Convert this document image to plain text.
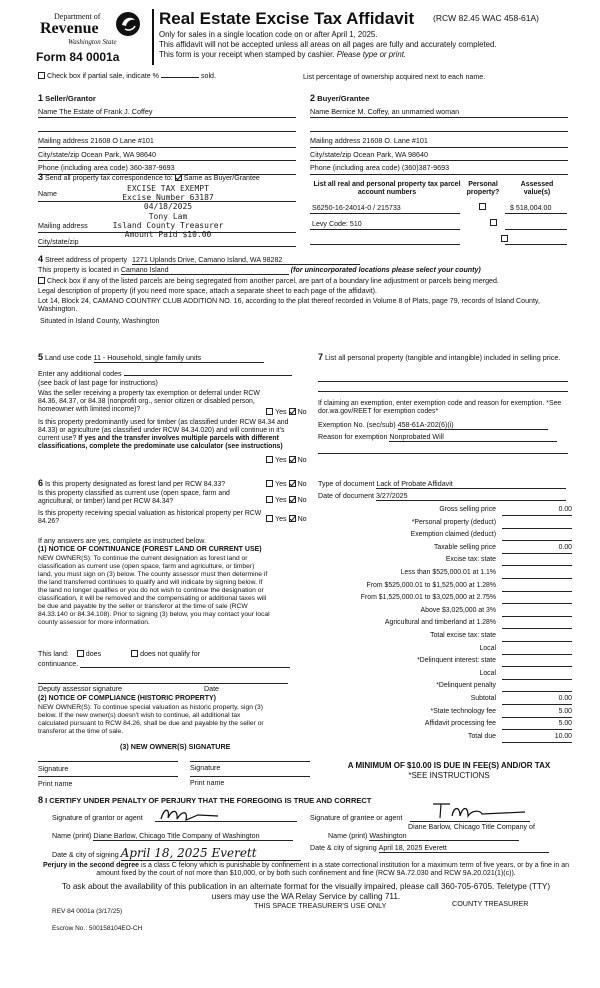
Department of
Revenue
Washington State
Form 84 0001a
Real Estate Excise Tax Affidavit (RCW 82.45 WAC 458-61A)
Only for sales in a single location code on or after April 1, 2025.
This affidavit will not be accepted unless all areas on all pages are fully and accurately completed.
This form is your receipt when stamped by cashier. Please type or print.
Check box if partial sale, indicate %	sold.	List percentage of ownership acquired next to each name.
1 Seller/Grantor
Name The Estate of Frank J. Coffey
Mailing address 21608 O Lane #101
City/state/zip Ocean Park, WA 98640
Phone (including area code) 360-387-9693
2 Buyer/Grantee
Name Bernice M. Coffey, an unmarried woman
Mailing address 21608 O. Lane #101
City/state/zip Ocean Park, WA 98640
Phone (including area code) (360)387-9693
3 Send all property tax correspondence to: Same as Buyer/Grantee
Name
Mailing address
City/state/zip
EXCISE TAX EXEMPT
Excise Number 63187
04/18/2025
Tony Lam
Island County Treasurer
Amount Paid $10.00
List all real and personal property tax parcel account numbers
Personal property?
Assessed value(s)
S6250-16-24014-0 / 215733
	$ 518,004.00
Levy Code: 510

4 Street address of property 1271 Uplands Drive, Camano Island, WA 98282
This property is located in Camano Island	(for unincorporated locations please select your county)
Check box if any of the listed parcels are being segregated from another parcel, are part of a boundary line adjustment or parcels being merged.
Legal description of property (if you need more space, attach a separate sheet to each page of the affidavit).
Lot 14, Block 24, CAMANO COUNTRY CLUB ADDITION NO. 16, according to the plat thereof recorded in Volume 8 of Plats, page 79, records of Island County, Washington.
Situated in Island County, Washington
5 Land use code 11 - Household, single family units
Enter any additional codes
(see back of last page for instructions)
Was the seller receiving a property tax exemption or deferral under RCW 84.36, 84.37, or 84.38 (nonprofit org., senior citizen or disabled person, homeowner with limited income)?	Yes No
Is this property predominantly used for timber (as classified under RCW 84.34 and 84.33) or agriculture (as classified under RCW 84.34.020) and will continue in it's current use? If yes and the transfer involves multiple parcels with different classifications, complete the predominate use calculator (see instructions)
Yes No
7 List all personal property (tangible and intangible) included in selling price.
If claiming an exemption, enter exemption code and reason for exemption. *See dor.wa.gov/REET for exemption codes*
Exemption No. (sec/sub) 458-61A-202(6)(i)
Reason for exemption Nonprobated Will
6 Is this property designated as forest land per RCW 84.33?	Yes No
Is this property classified as current use (open space, farm and agricultural, or timber) land per RCW 84.34?	Yes No
Is this property receiving special valuation as historical property per RCW 84.26?	Yes No
Type of document Lack of Probate Affidavit
Date of document 3/27/2025
If any answers are yes, complete as instructed below.
(1) NOTICE OF CONTINUANCE (FOREST LAND OR CURRENT USE)
NEW OWNER(S): To continue the current designation as forest land or classification as current use (open space, farm and agriculture, or timber) land, you must sign on (3) below. The county assessor must then determine if the land transferred continues to qualify and will indicate by signing below. If the land no longer qualifies or you do not wish to continue the designation or classification, it will be removed and the compensating or additional taxes will be due and payable by the seller or transferor at the time of sale (RCW 84.33.140 or 84.34.108). Prior to signing (3) below, you may contact your local county assessor for more information.
This land: does	does not qualify for
continuance.
Deputy assessor signature	Date
(2) NOTICE OF COMPLIANCE (HISTORIC PROPERTY)
NEW OWNER(S): To continue special valuation as historic property, sign (3) below. If the new owner(s) doesn't wish to continue, all additional tax calculated pursuant to RCW 84.26, shall be due and payable by the seller or transferor at the time of sale.
(3) NEW OWNER(S) SIGNATURE
Signature	Signature
Print name	Print name
Gross selling price	0.00
*Personal property (deduct)
Exemption claimed (deduct)
Taxable selling price	0.00
Excise tax: state
Less than $525,000.01 at 1.1%
From $525,000.01 to $1,525,000 at 1.28%
From $1,525,000.01 to $3,025,000 at 2.75%
Above $3,025,000 at 3%
Agricultural and timberland at 1.28%
Total excise tax: state
Local
*Delinquent interest: state
Local
*Delinquent penalty
Subtotal	0.00
*State technology fee	5.00
Affidavit processing fee	5.00
Total due	10.00
A MINIMUM OF $10.00 IS DUE IN FEE(S) AND/OR TAX
*SEE INSTRUCTIONS
8 I CERTIFY UNDER PENALTY OF PERJURY THAT THE FOREGOING IS TRUE AND CORRECT
Signature of grantor or agent	Signature of grantee or agent
Diane Barlow, Chicago Title Company of
Name (print) Washington
Name (print) Diane Barlow, Chicago Title Company of Washington
Date & city of signing April 18, 2025 Everett	Date & city of signing April 18, 2025 Everett
Perjury in the second degree is a class C felony which is punishable by confinement in a state correctional institution for a maximum term of five years, or by a fine in an amount fixed by the court of not more than $10,000, or by both such confinement and fine (RCW 9A.72.030 and RCW 9A.20.021(1)(c)).
To ask about the availability of this publication in an alternate format for the visually impaired, please call 360-705-6705. Teletype (TTY) users may use the WA Relay Service by calling 711.
REV 84 0001a (3/17/25)
THIS SPACE TREASURER'S USE ONLY	COUNTY TREASURER
Escrow No.: 500158104EO-CH
